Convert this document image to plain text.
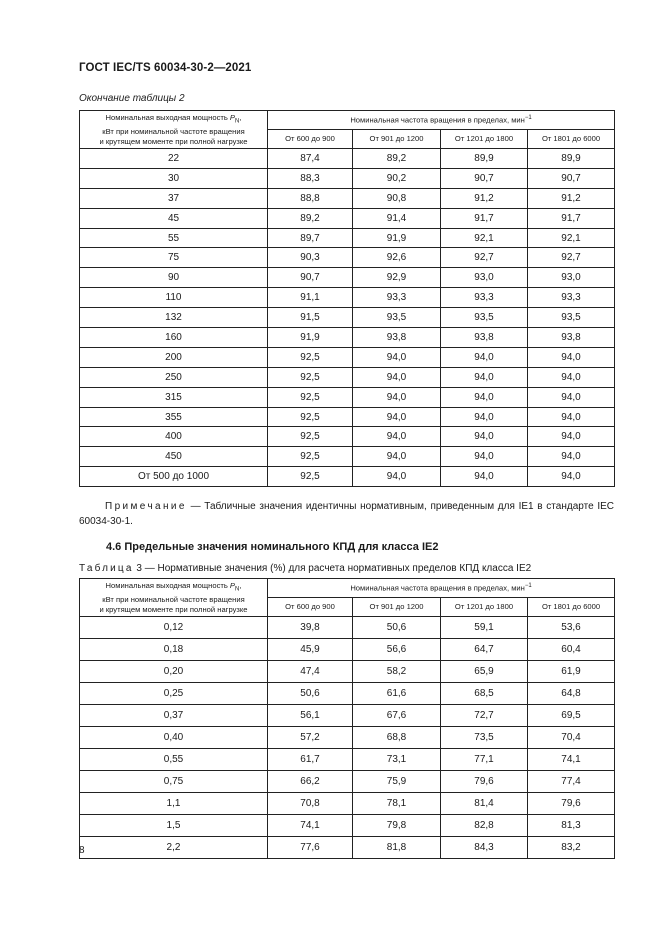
ГОСТ IEC/TS 60034-30-2—2021
Окончание таблицы 2
Номинальная выходная мощность $P_N$,
кВт при номинальной частоте вращения
и крутящем моменте при полной нагрузке	Номинальная частота вращения в пределах, мин$^{-1}$
	От 600 до 900	От 901 до 1200	От 1201 до 1800	От 1801 до 6000
22	87,4	89,2	89,9	89,9
30	88,3	90,2	90,7	90,7
37	88,8	90,8	91,2	91,2
45	89,2	91,4	91,7	91,7
55	89,7	91,9	92,1	92,1
75	90,3	92,6	92,7	92,7
90	90,7	92,9	93,0	93,0
110	91,1	93,3	93,3	93,3
132	91,5	93,5	93,5	93,5
160	91,9	93,8	93,8	93,8
200	92,5	94,0	94,0	94,0
250	92,5	94,0	94,0	94,0
315	92,5	94,0	94,0	94,0
355	92,5	94,0	94,0	94,0
400	92,5	94,0	94,0	94,0
450	92,5	94,0	94,0	94,0
От 500 до 1000	92,5	94,0	94,0	94,0
Примечание — Табличные значения идентичны нормативным, приведенным для IE1 в стандарте IEC 60034-30-1.
4.6 Предельные значения номинального КПД для класса IE2
Таблица 3 — Нормативные значения (%) для расчета нормативных пределов КПД класса IE2
Номинальная выходная мощность $P_N$,
кВт при номинальной частоте вращения
и крутящем моменте при полной нагрузке	Номинальная частота вращения в пределах, мин$^{-1}$
	От 600 до 900	От 901 до 1200	От 1201 до 1800	От 1801 до 6000
0,12	39,8	50,6	59,1	53,6
0,18	45,9	56,6	64,7	60,4
0,20	47,4	58,2	65,9	61,9
0,25	50,6	61,6	68,5	64,8
0,37	56,1	67,6	72,7	69,5
0,40	57,2	68,8	73,5	70,4
0,55	61,7	73,1	77,1	74,1
0,75	66,2	75,9	79,6	77,4
1,1	70,8	78,1	81,4	79,6
1,5	74,1	79,8	82,8	81,3
2,2	77,6	81,8	84,3	83,2
8
